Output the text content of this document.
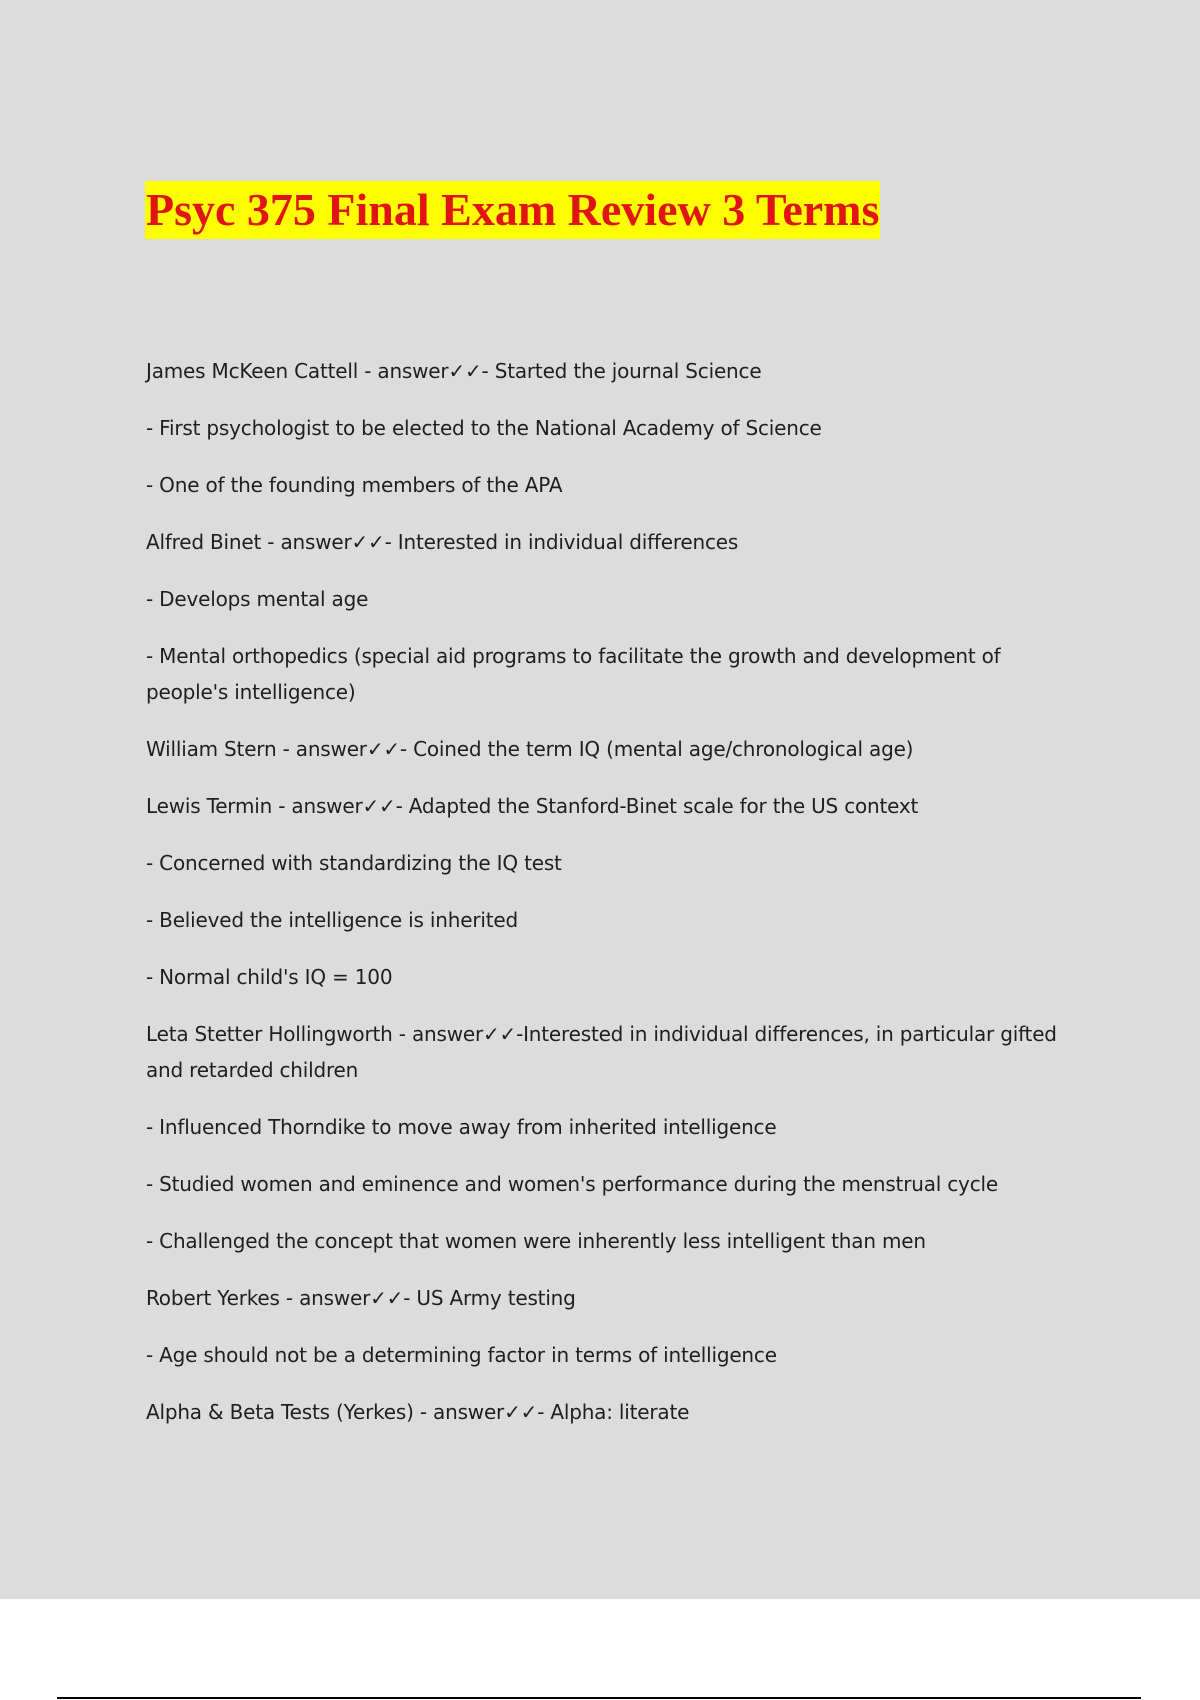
Psyc 375 Final Exam Review 3 Terms

James McKeen Cattell - answer✓✓- Started the journal Science

- First psychologist to be elected to the National Academy of Science

- One of the founding members of the APA

Alfred Binet - answer✓✓- Interested in individual differences

- Develops mental age

- Mental orthopedics (special aid programs to facilitate the growth and development of people's intelligence)

William Stern - answer✓✓- Coined the term IQ (mental age/chronological age)

Lewis Termin - answer✓✓- Adapted the Stanford-Binet scale for the US context

- Concerned with standardizing the IQ test

- Believed the intelligence is inherited

- Normal child's IQ = 100

Leta Stetter Hollingworth - answer✓✓-Interested in individual differences, in particular gifted and retarded children

- Influenced Thorndike to move away from inherited intelligence

- Studied women and eminence and women's performance during the menstrual cycle

- Challenged the concept that women were inherently less intelligent than men

Robert Yerkes - answer✓✓- US Army testing

- Age should not be a determining factor in terms of intelligence

Alpha & Beta Tests (Yerkes) - answer✓✓- Alpha: literate
